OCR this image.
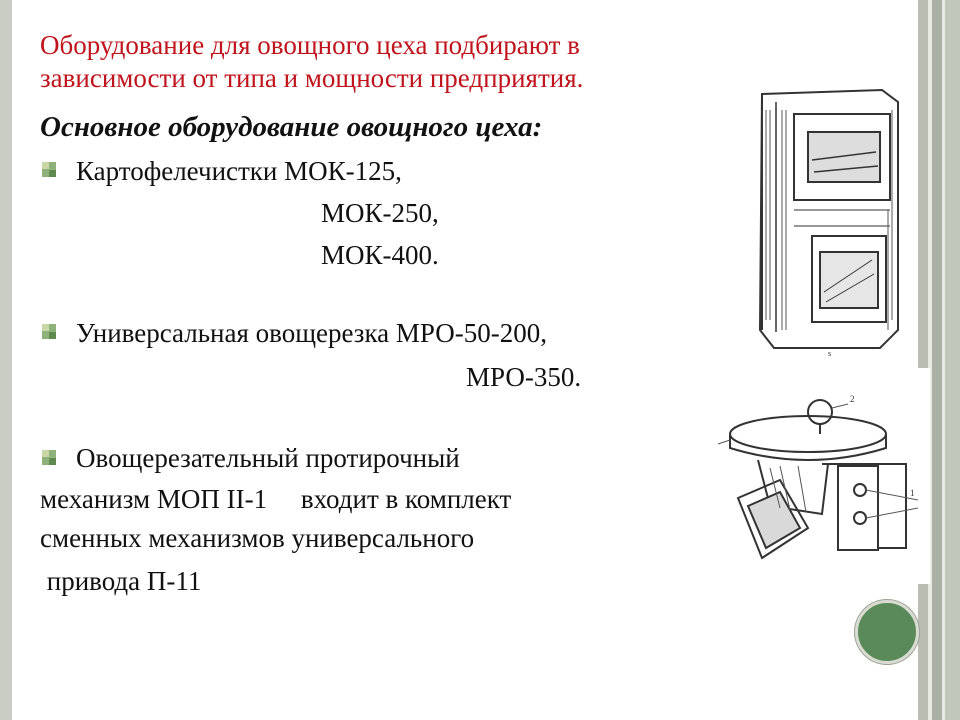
Оборудование для овощного цеха подбирают в
зависимости от типа и мощности предприятия.
Основное оборудование овощного цеха:
Картофелечистки МОК-125,
МОК-250,
МОК-400.
Универсальная овощерезка МРО-50-200,
МРО-350.
Овощерезательный протирочный
механизм МОП II-1     входит в комплект
сменных механизмов универсального
привода П-11
s
2
1
